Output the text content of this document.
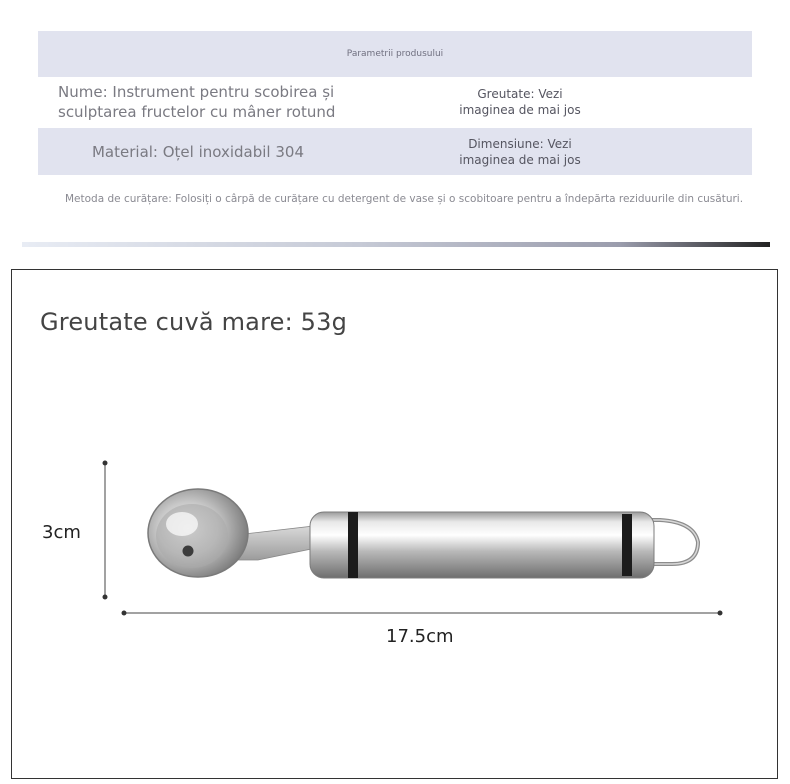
Parametrii produsului
Nume: Instrument pentru scobirea și
sculptarea fructelor cu mâner rotund
Greutate: Vezi
imaginea de mai jos
Material: Oțel inoxidabil 304	Dimensiune: Vezi
imaginea de mai jos
Metoda de curățare: Folosiți o cârpă de curățare cu detergent de vase și o scobitoare pentru a îndepărta reziduurile din cusături.
Greutate cuvă mare: 53g
3cm
17.5cm
